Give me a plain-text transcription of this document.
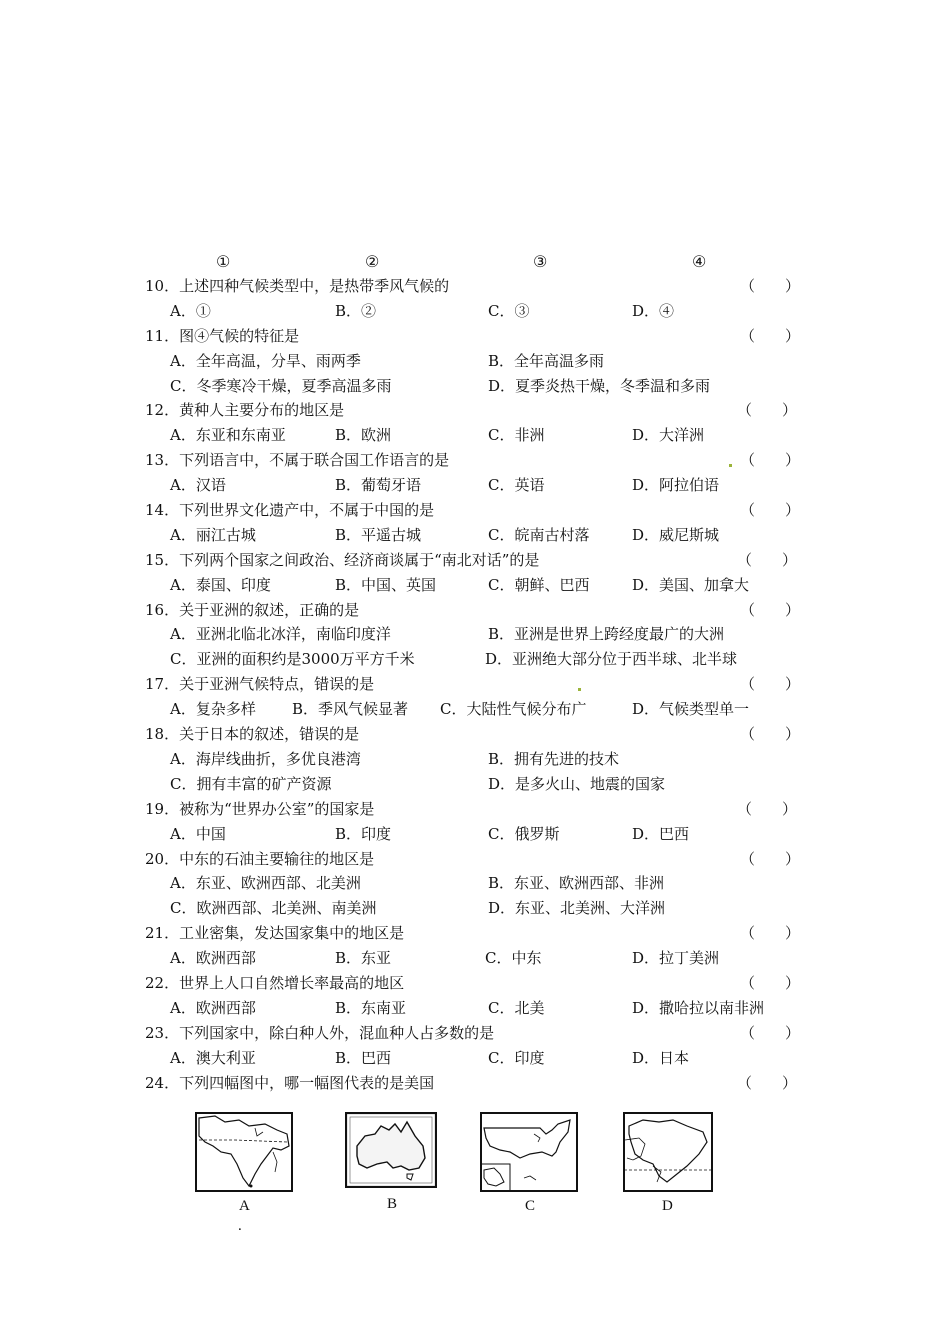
①	②	③	④
10．上述四种气候类型中，是热带季风气候的	（　　）
A．①	B．②	C．③	D．④
11．图④气候的特征是	（　　）
A．全年高温，分旱、雨两季	B．全年高温多雨
C．冬季寒冷干燥，夏季高温多雨	D．夏季炎热干燥，冬季温和多雨
12．黄种人主要分布的地区是	（　　）
A．东亚和东南亚	B．欧洲	C．非洲	D．大洋洲
13．下列语言中，不属于联合国工作语言的是	（　　）
A．汉语	B．葡萄牙语	C．英语	D．阿拉伯语
14．下列世界文化遗产中，不属于中国的是	（　　）
A．丽江古城	B．平遥古城	C．皖南古村落	D．威尼斯城
15．下列两个国家之间政治、经济商谈属于“南北对话”的是	（　　）
A．泰国、印度	B．中国、英国	C．朝鲜、巴西	D．美国、加拿大
16．关于亚洲的叙述，正确的是	（　　）
A．亚洲北临北冰洋，南临印度洋	B．亚洲是世界上跨经度最广的大洲
C．亚洲的面积约是3000万平方千米	D．亚洲绝大部分位于西半球、北半球
17．关于亚洲气候特点，错误的是	（　　）
A．复杂多样 B．季风气候显著 C．大陆性气候分布广	D．气候类型单一
18．关于日本的叙述，错误的是	（　　）
A．海岸线曲折，多优良港湾	B．拥有先进的技术
C．拥有丰富的矿产资源	D．是多火山、地震的国家
19．被称为“世界办公室”的国家是	（　　）
A．中国	B．印度	C．俄罗斯	D．巴西
20．中东的石油主要输往的地区是	（　　）
A．东亚、欧洲西部、北美洲	B．东亚、欧洲西部、非洲
C．欧洲西部、北美洲、南美洲	D．东亚、北美洲、大洋洲
21．工业密集，发达国家集中的地区是	（　　）
A．欧洲西部	B．东亚	C．中东	D．拉丁美洲
22．世界上人口自然增长率最高的地区	（　　）
A．欧洲西部	B．东南亚	C．北美	D．撒哈拉以南非洲
23．下列国家中，除白种人外，混血种人占多数的是	（　　）
A．澳大利亚	B．巴西	C．印度	D．日本
24．下列四幅图中，哪一幅图代表的是美国	（　　）
A
.
B	C	D
